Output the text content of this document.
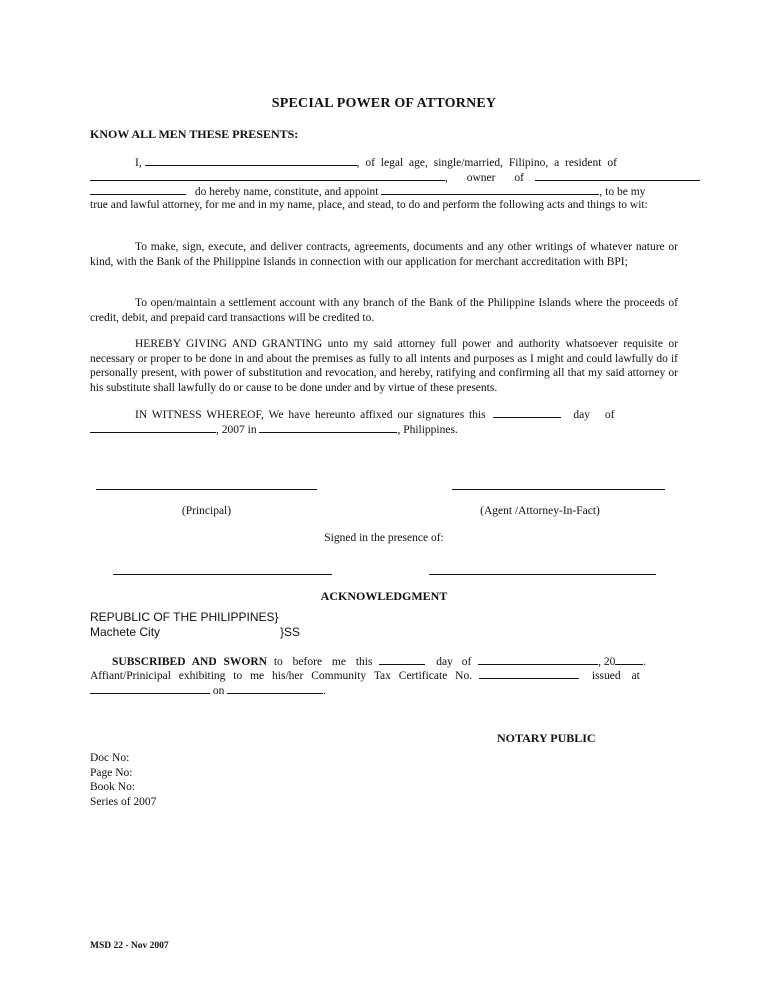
SPECIAL POWER OF ATTORNEY
KNOW ALL MEN THESE PRESENTS:
I,	, of legal age, single/married, Filipino, a resident of
, owner of
do hereby name, constitute, and appoint	, to be my
true and lawful attorney, for me and in my name, place, and stead, to do and perform the following acts and things to wit:
To make, sign, execute, and deliver contracts, agreements, documents and any other writings of whatever nature or kind, with the Bank of the Philippine Islands in connection with our application for merchant accreditation with BPI;
To open/maintain a settlement account with any branch of the Bank of the Philippine Islands where the proceeds of credit, debit, and prepaid card transactions will be credited to.
HEREBY GIVING AND GRANTING unto my said attorney full power and authority whatsoever requisite or necessary or proper to be done in and about the premises as fully to all intents and purposes as I might and could lawfully do if personally present, with power of substitution and revocation, and hereby, ratifying and confirming all that my said attorney or his substitute shall lawfully do or cause to be done under and by virtue of these presents.
IN WITNESS WHEREOF, We have hereunto affixed our signatures this	day of
, 2007 in	, Philippines.
(Principal)	(Agent /Attorney-In-Fact)
Signed in the presence of:
ACKNOWLEDGMENT
REPUBLIC OF THE PHILIPPINES}
Machete City	}SS
SUBSCRIBED AND SWORN to before me this	day of	, 20 .
Affiant/Prinicipal exhibiting to me his/her Community Tax Certificate No.	issued at
on	.
NOTARY PUBLIC
Doc No:
Page No:
Book No:
Series of 2007
MSD 22 - Nov 2007
